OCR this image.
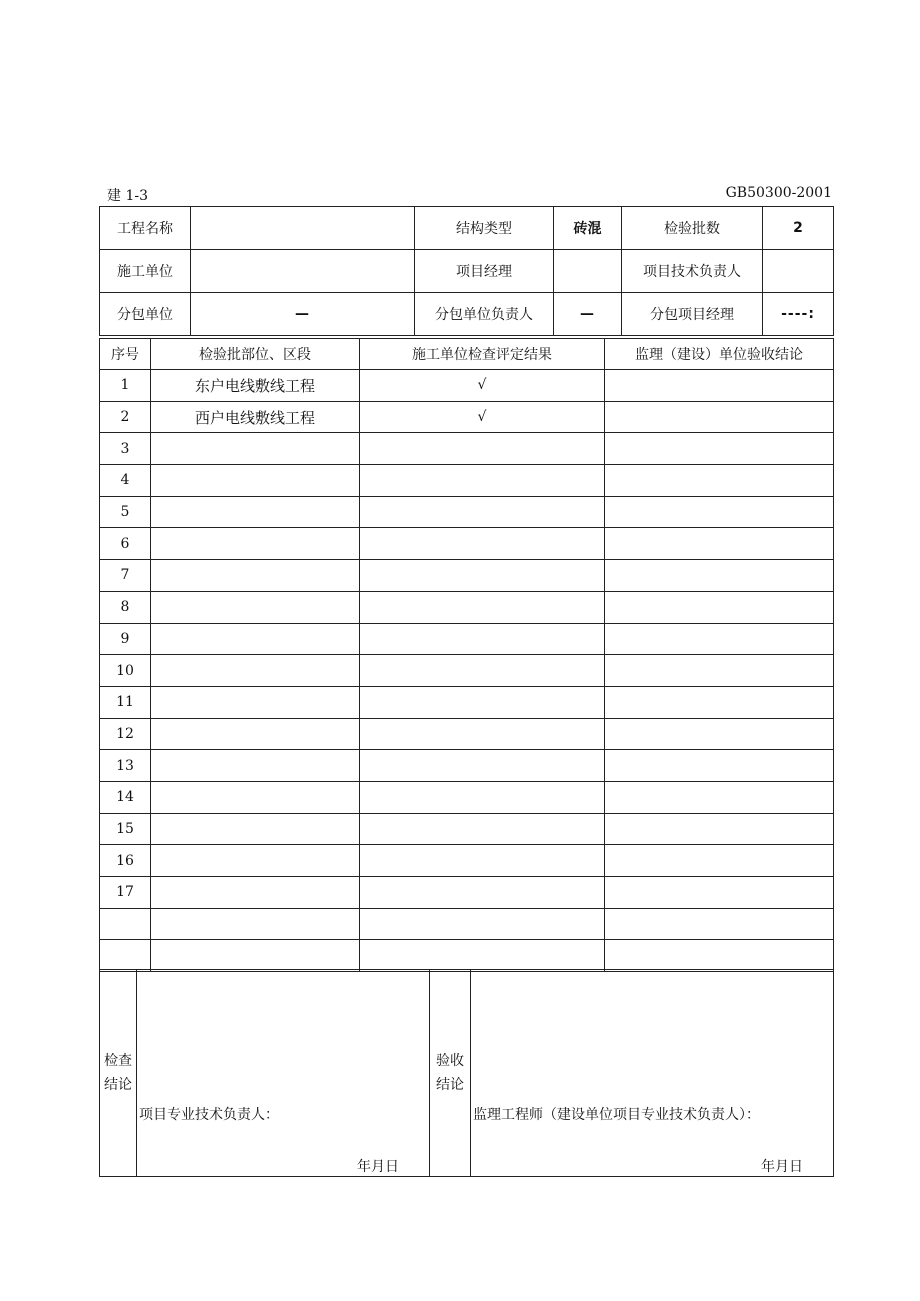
建 1-3	GB50300-2001
工程名称		结构类型	砖混	检验批数	2
施工单位		项目经理		项目技术负责人	
分包单位	—	分包单位负责人	—	分包项目经理	----:
序号	检验批部位、区段	施工单位检查评定结果	监理（建设）单位验收结论
1	东户电线敷线工程	√	
2	西户电线敷线工程	√	
3			
4			
5			
6			
7			
8			
9			
10			
11			
12			
13			
14			
15			
16			
17			

检查
结论

项目专业技术负责人：
年月日

验收
结论

监理工程师（建设单位项目专业技术负责人）：
年月日
